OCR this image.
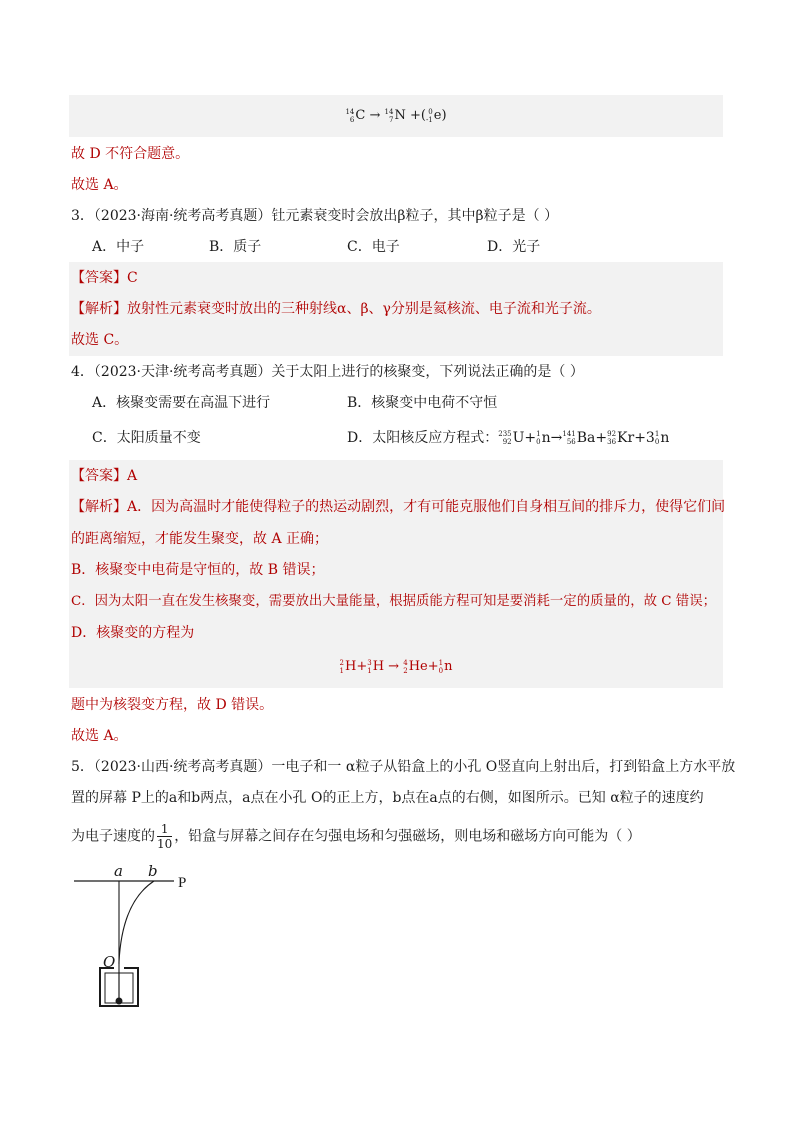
14
6 C → 14
7 N +( 0
-1 e)
故 D 不符合题意。
故选 A。
3．（2023·海南·统考高考真题）钍元素衰变时会放出β粒子，其中β粒子是（ ）
A．中子	B．质子	C．电子	D．光子
【答案】C
【解析】放射性元素衰变时放出的三种射线α、β、γ分别是氦核流、电子流和光子流。
故选 C。
4．（2023·天津·统考高考真题）关于太阳上进行的核聚变，下列说法正确的是（ ）
A．核聚变需要在高温下进行	B．核聚变中电荷不守恒
C．太阳质量不变	D．太阳核反应方程式： 235
92 U+ 1
0 n→ 141
56 Ba+ 92
36 Kr+3 1
0 n
【答案】A
【解析】A．因为高温时才能使得粒子的热运动剧烈，才有可能克服他们自身相互间的排斥力，使得它们间
的距离缩短，才能发生聚变，故 A 正确；
B．核聚变中电荷是守恒的，故 B 错误；
C．因为太阳一直在发生核聚变，需要放出大量能量，根据质能方程可知是要消耗一定的质量的，故 C 错误；
D．核聚变的方程为
2
1 H+ 3
1 H → 4
2 He+ 1
0 n
题中为核裂变方程，故 D 错误。
故选 A。
5．（2023·山西·统考高考真题）一电子和一 α粒子从铅盒上的小孔 O竖直向上射出后，打到铅盒上方水平放
置的屏幕 P上的a和b两点，a点在小孔 O的正上方，b点在a点的右侧，如图所示。已知 α粒子的速度约
为电子速度的 $\frac{1}{10}$ ，铅盒与屏幕之间存在匀强电场和匀强磁场，则电场和磁场方向可能为（ ）
a b
P
O
